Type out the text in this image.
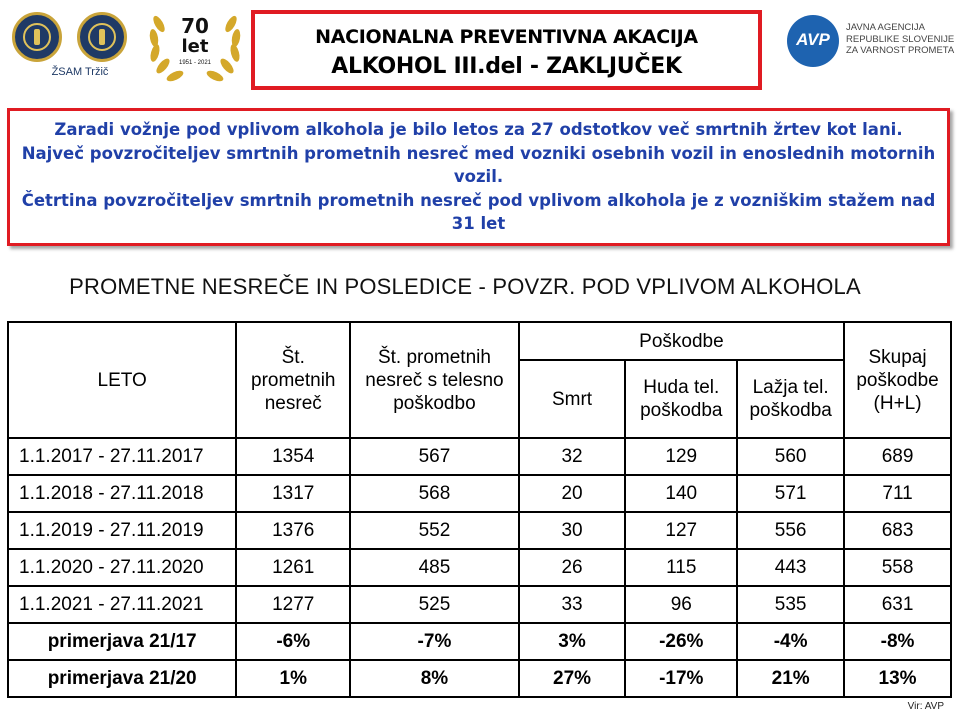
ŽSAM Tržič
70
let
1951 - 2021
NACIONALNA PREVENTIVNA AKACIJA
ALKOHOL III.del - ZAKLJUČEK
AVP
JAVNA AGENCIJA
REPUBLIKE SLOVENIJE
ZA VARNOST PROMETA

Zaradi vožnje pod vplivom alkohola je bilo letos za 27 odstotkov več smrtnih žrtev kot lani.

Največ povzročiteljev smrtnih prometnih nesreč med vozniki osebnih vozil in enoslednih motornih vozil.

Četrtina povzročiteljev smrtnih prometnih nesreč pod vplivom alkohola je z vozniškim stažem nad 31 let

PROMETNE NESREČE IN POSLEDICE - POVZR. POD VPLIVOM ALKOHOLA
LETO	Št. prometnih nesreč	Št. prometnih nesreč s telesno poškodbo	Poškodbe			Skupaj poškodbe (H+L)
			Smrt	Huda tel. poškodba	Lažja tel. poškodba	
1.1.2017 - 27.11.2017	1354	567	32	129	560	689
1.1.2018 - 27.11.2018	1317	568	20	140	571	711
1.1.2019 - 27.11.2019	1376	552	30	127	556	683
1.1.2020 - 27.11.2020	1261	485	26	115	443	558
1.1.2021 - 27.11.2021	1277	525	33	96	535	631
primerjava 21/17	-6%	-7%	3%	-26%	-4%	-8%
primerjava 21/20	1%	8%	27%	-17%	21%	13%
Vir: AVP
